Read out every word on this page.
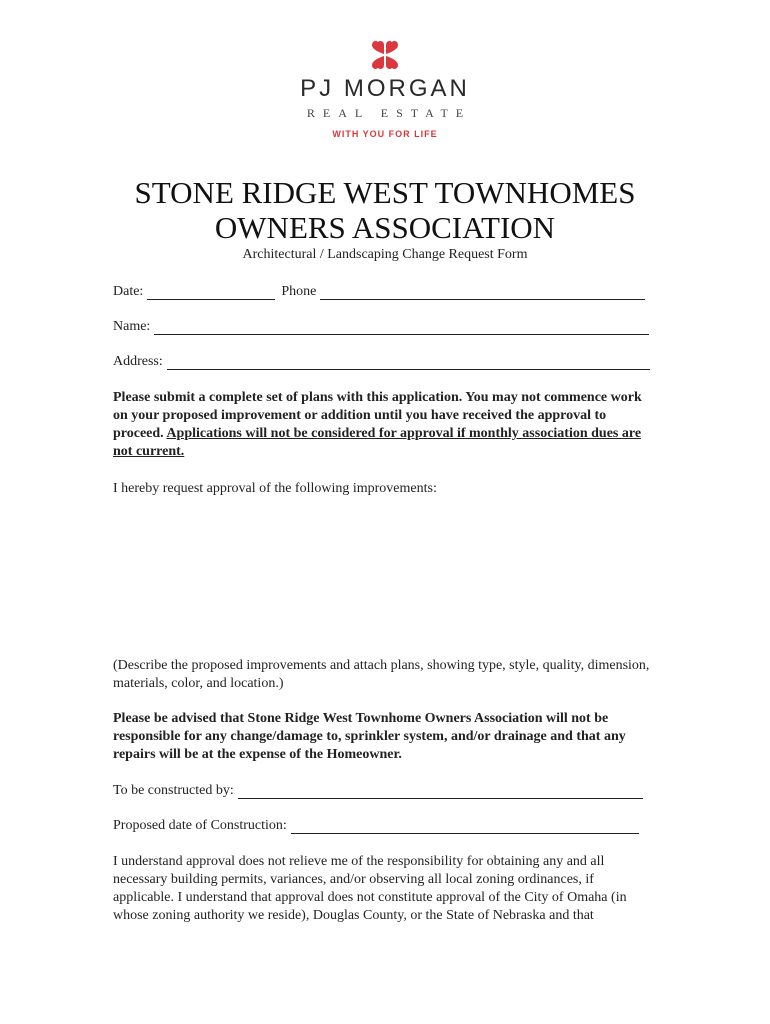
PJ MORGAN
REAL ESTATE
WITH YOU FOR LIFE
STONE RIDGE WEST TOWNHOMES
OWNERS ASSOCIATION
Architectural / Landscaping Change Request Form
Date:	Phone
Name:
Address:
Please submit a complete set of plans with this application. You may not commence work on your proposed improvement or addition until you have received the approval to proceed. Applications will not be considered for approval if monthly association dues are not current.
I hereby request approval of the following improvements:
(Describe the proposed improvements and attach plans, showing type, style, quality, dimension, materials, color, and location.)
Please be advised that Stone Ridge West Townhome Owners Association will not be responsible for any change/damage to, sprinkler system, and/or drainage and that any repairs will be at the expense of the Homeowner.
To be constructed by:
Proposed date of Construction:
I understand approval does not relieve me of the responsibility for obtaining any and all necessary building permits, variances, and/or observing all local zoning ordinances, if applicable. I understand that approval does not constitute approval of the City of Omaha (in whose zoning authority we reside), Douglas County, or the State of Nebraska and that
